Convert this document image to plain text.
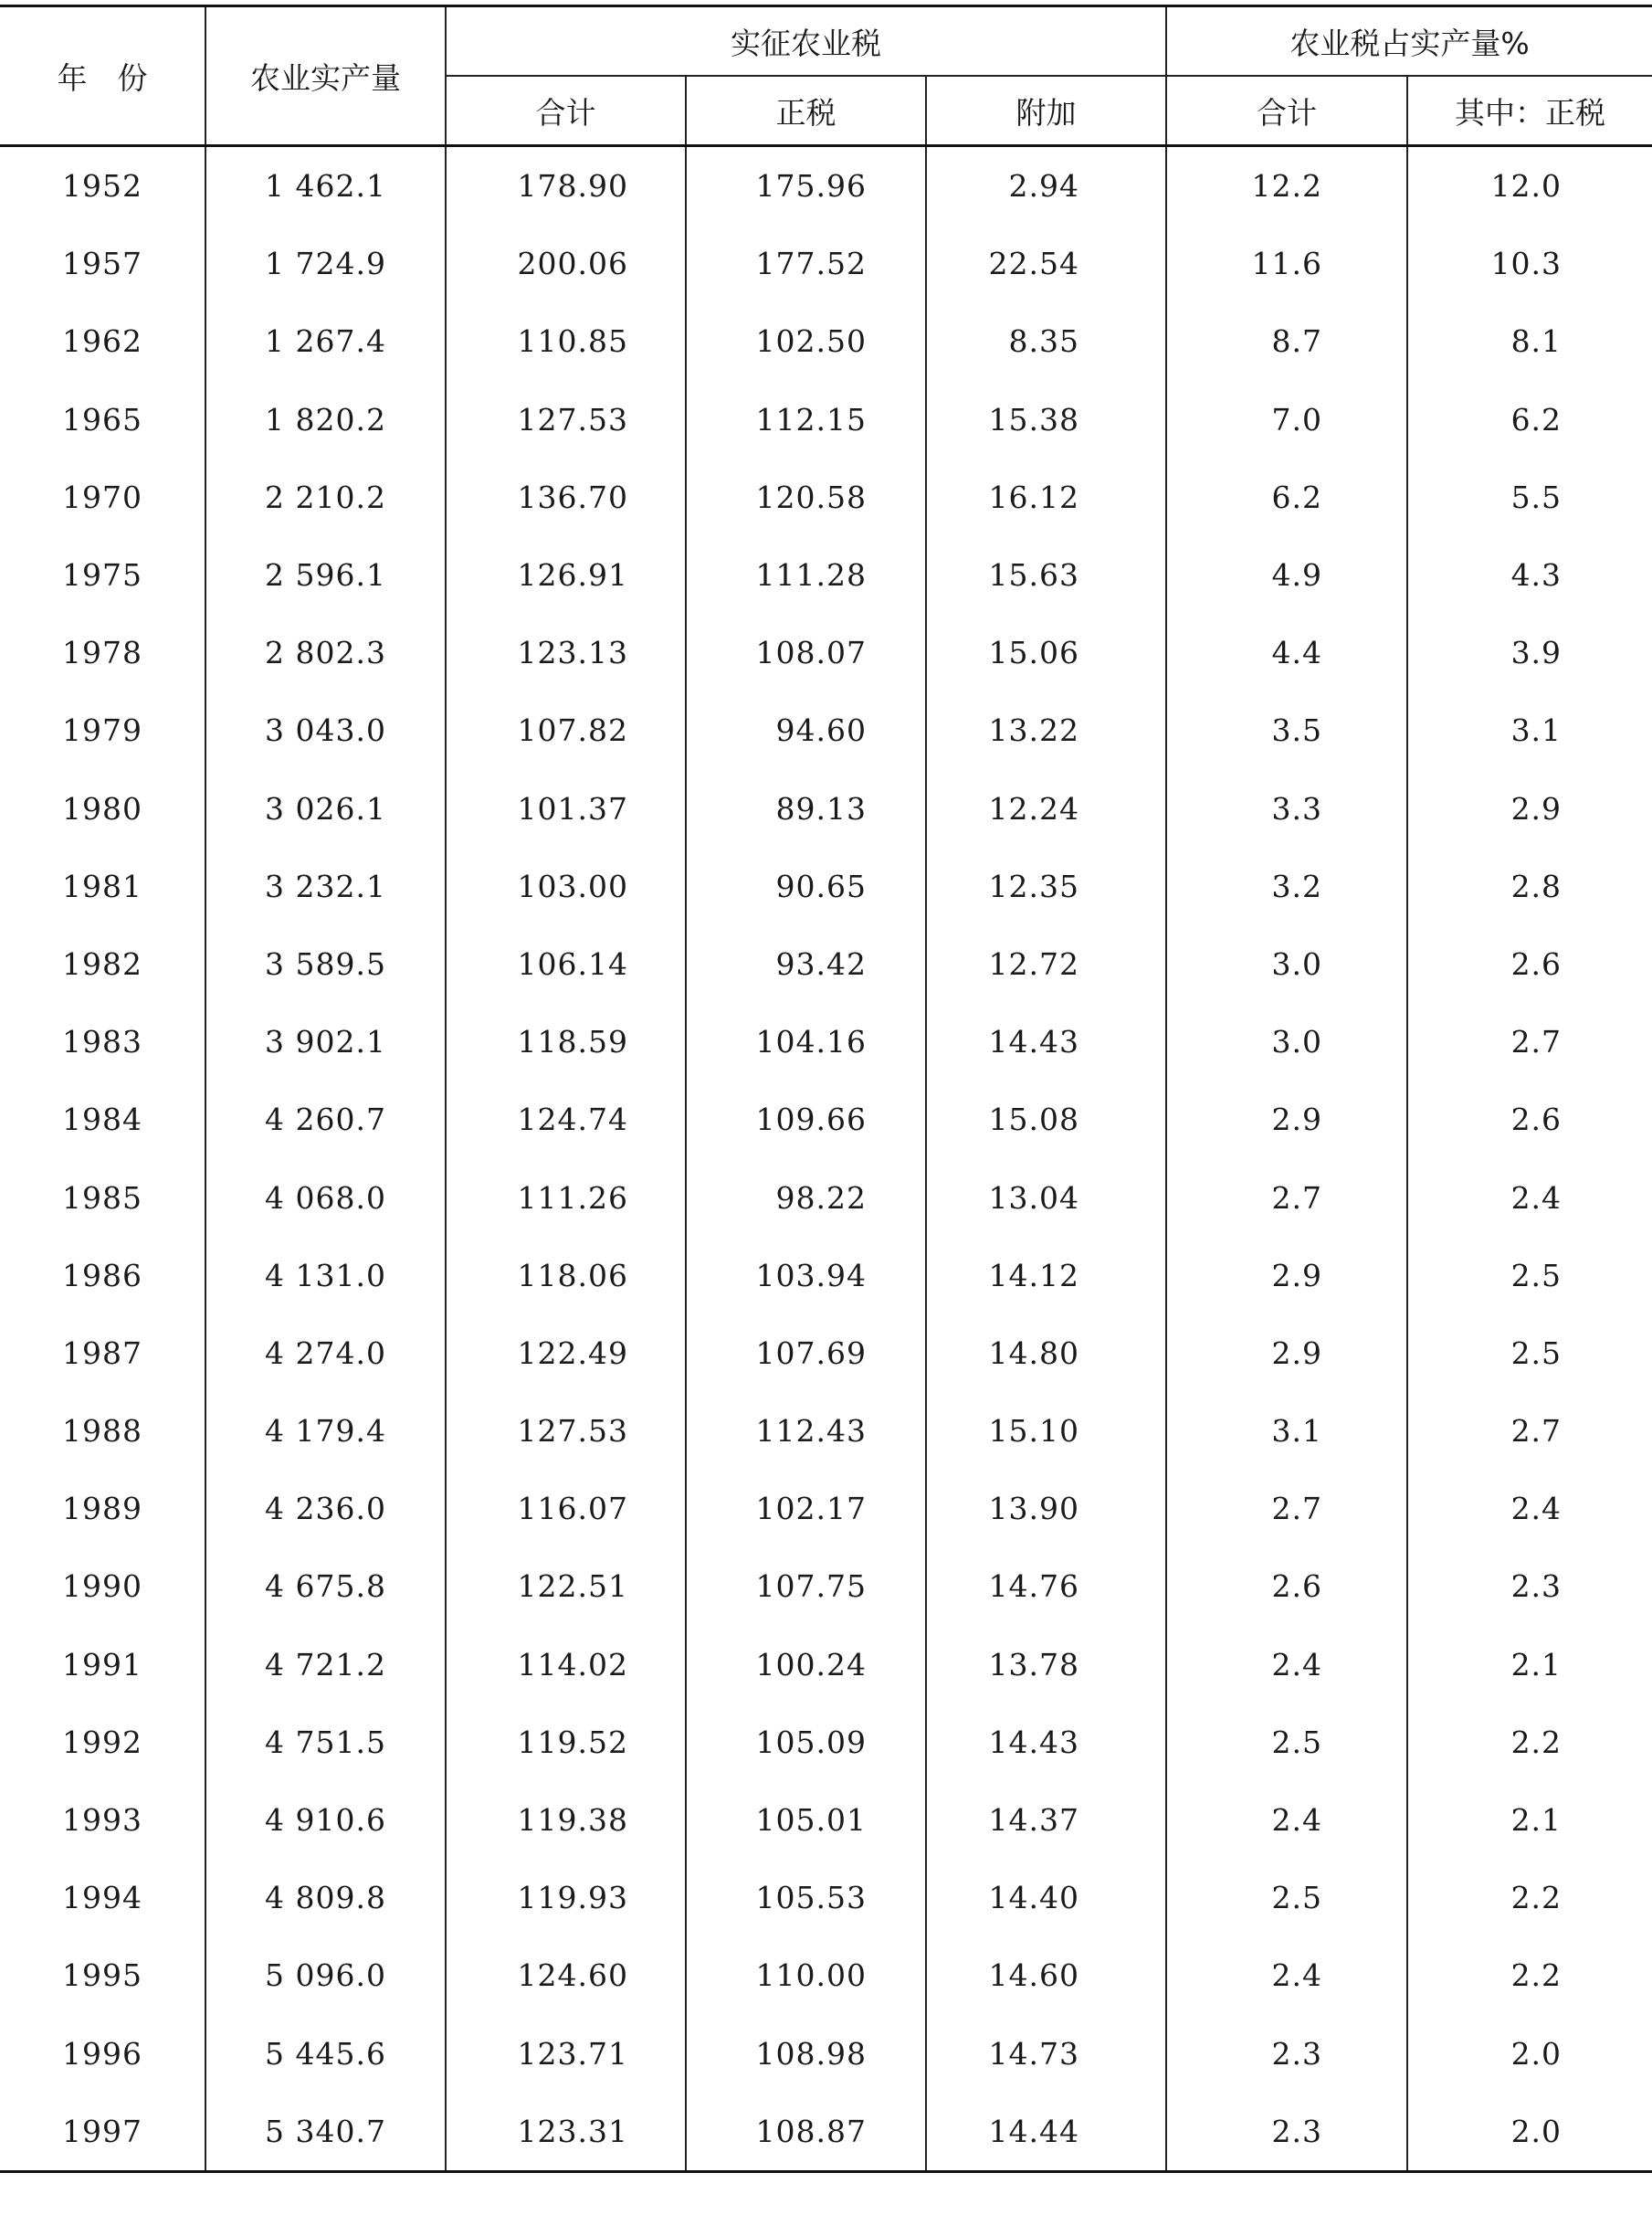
年　份	农业实产量	实征农业税			农业税占实产量%	
		合计	正税	附加	合计	其中：正税
1952	1 462.1	178.90	175.96	2.94	12.2	12.0
1957	1 724.9	200.06	177.52	22.54	11.6	10.3
1962	1 267.4	110.85	102.50	8.35	8.7	8.1
1965	1 820.2	127.53	112.15	15.38	7.0	6.2
1970	2 210.2	136.70	120.58	16.12	6.2	5.5
1975	2 596.1	126.91	111.28	15.63	4.9	4.3
1978	2 802.3	123.13	108.07	15.06	4.4	3.9
1979	3 043.0	107.82	94.60	13.22	3.5	3.1
1980	3 026.1	101.37	89.13	12.24	3.3	2.9
1981	3 232.1	103.00	90.65	12.35	3.2	2.8
1982	3 589.5	106.14	93.42	12.72	3.0	2.6
1983	3 902.1	118.59	104.16	14.43	3.0	2.7
1984	4 260.7	124.74	109.66	15.08	2.9	2.6
1985	4 068.0	111.26	98.22	13.04	2.7	2.4
1986	4 131.0	118.06	103.94	14.12	2.9	2.5
1987	4 274.0	122.49	107.69	14.80	2.9	2.5
1988	4 179.4	127.53	112.43	15.10	3.1	2.7
1989	4 236.0	116.07	102.17	13.90	2.7	2.4
1990	4 675.8	122.51	107.75	14.76	2.6	2.3
1991	4 721.2	114.02	100.24	13.78	2.4	2.1
1992	4 751.5	119.52	105.09	14.43	2.5	2.2
1993	4 910.6	119.38	105.01	14.37	2.4	2.1
1994	4 809.8	119.93	105.53	14.40	2.5	2.2
1995	5 096.0	124.60	110.00	14.60	2.4	2.2
1996	5 445.6	123.71	108.98	14.73	2.3	2.0
1997	5 340.7	123.31	108.87	14.44	2.3	2.0
